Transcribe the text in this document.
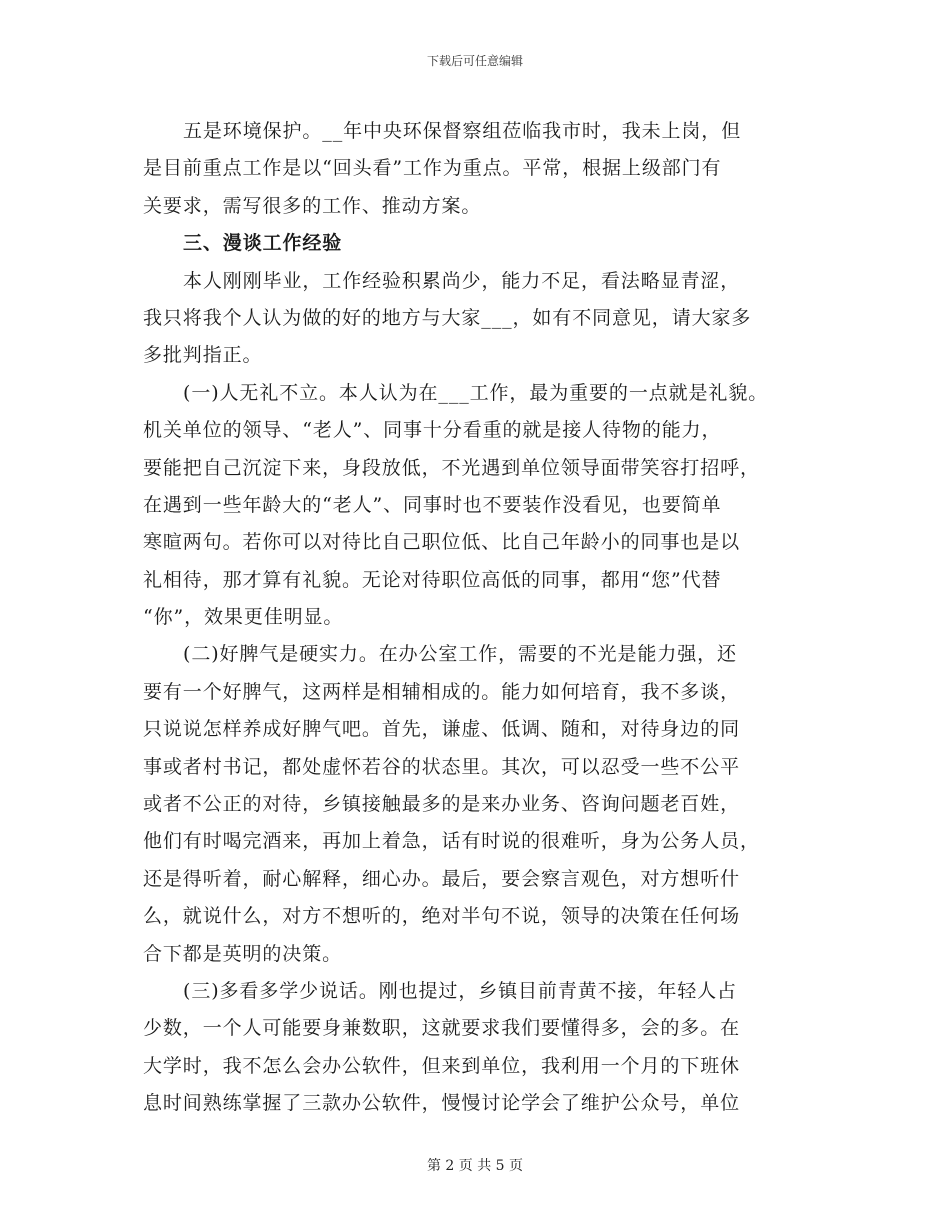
下载后可任意编辑
五是环境保护。__年中央环保督察组莅临我市时，我未上岗，但
是目前重点工作是以“回头看”工作为重点。平常，根据上级部门有
关要求，需写很多的工作、推动方案。
三、漫谈工作经验
本人刚刚毕业，工作经验积累尚少，能力不足，看法略显青涩，
我只将我个人认为做的好的地方与大家___，如有不同意见，请大家多
多批判指正。
(一)人无礼不立。本人认为在___工作，最为重要的一点就是礼貌。
机关单位的领导、“老人”、同事十分看重的就是接人待物的能力，
要能把自己沉淀下来，身段放低，不光遇到单位领导面带笑容打招呼，
在遇到一些年龄大的“老人”、同事时也不要装作没看见，也要简单
寒暄两句。若你可以对待比自己职位低、比自己年龄小的同事也是以
礼相待，那才算有礼貌。无论对待职位高低的同事，都用“您”代替
“你”，效果更佳明显。
(二)好脾气是硬实力。在办公室工作，需要的不光是能力强，还
要有一个好脾气，这两样是相辅相成的。能力如何培育，我不多谈，
只说说怎样养成好脾气吧。首先，谦虚、低调、随和，对待身边的同
事或者村书记，都处虚怀若谷的状态里。其次，可以忍受一些不公平
或者不公正的对待，乡镇接触最多的是来办业务、咨询问题老百姓，
他们有时喝完酒来，再加上着急，话有时说的很难听，身为公务人员，
还是得听着，耐心解释，细心办。最后，要会察言观色，对方想听什
么，就说什么，对方不想听的，绝对半句不说，领导的决策在任何场
合下都是英明的决策。
(三)多看多学少说话。刚也提过，乡镇目前青黄不接，年轻人占
少数，一个人可能要身兼数职，这就要求我们要懂得多，会的多。在
大学时，我不怎么会办公软件，但来到单位，我利用一个月的下班休
息时间熟练掌握了三款办公软件，慢慢讨论学会了维护公众号，单位
第 2 页 共 5 页
